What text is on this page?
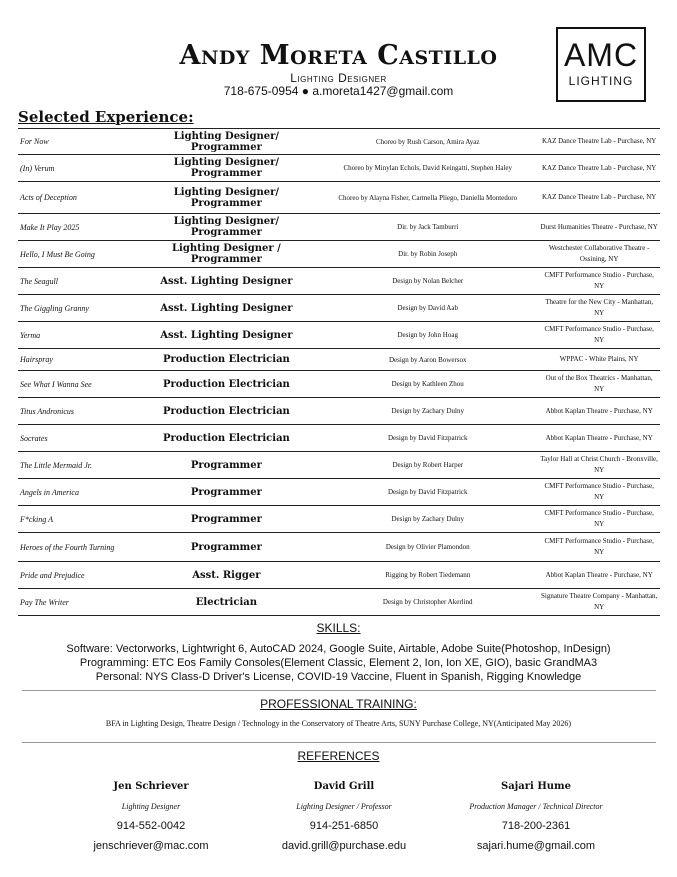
Andy Moreta Castillo
Lighting Designer
718-675-0954 ● a.moreta1427@gmail.com
AMC
LIGHTING
Selected Experience:
For Now	Lighting Designer/ Programmer	Choreo by Rush Carson, Amira Ayaz	KAZ Dance Theatre Lab - Purchase, NY
(In) Verum	Lighting Designer/ Programmer	Choreo by Minylan Echols, David Keingatti, Stephen Haley	KAZ Dance Theatre Lab - Purchase, NY
Acts of Deception	Lighting Designer/ Programmer	Choreo by Alayna Fisher, Carmella Pliego, Daniella Montedoro	KAZ Dance Theatre Lab - Purchase, NY
Make It Play 2025	Lighting Designer/ Programmer	Dir. by Jack Tamburri	Durst Humanities Theatre - Purchase, NY
Hello, I Must Be Going	Lighting Designer / Programmer	Dir. by Robin Joseph	Westchester Collaborative Theatre - Ossining, NY
The Seagull	Asst. Lighting Designer	Design by Nolan Belcher	CMFT Performance Studio - Purchase, NY
The Giggling Granny	Asst. Lighting Designer	Design by David Aab	Theatre for the New City - Manhattan, NY
Yerma	Asst. Lighting Designer	Design by John Hoag	CMFT Performance Studio - Purchase, NY
Hairspray	Production Electrician	Design by Aaron Bowersox	WPPAC - White Plains, NY
See What I Wanna See	Production Electrician	Design by Kathleen Zhou	Out of the Box Theatrics - Manhattan, NY
Titus Andronicus	Production Electrician	Design by Zachary Dulny	Abbot Kaplan Theatre - Purchase, NY
Socrates	Production Electrician	Design by David Fitzpatrick	Abbot Kaplan Theatre - Purchase, NY
The Little Mermaid Jr.	Programmer	Design by Robert Harper	Taylor Hall at Christ Church - Bronxville, NY
Angels in America	Programmer	Design by David Fitzpatrick	CMFT Performance Studio - Purchase, NY
F*cking A	Programmer	Design by Zachary Dulny	CMFT Performance Studio - Purchase, NY
Heroes of the Fourth Turning	Programmer	Design by Olivier Plamondon	CMFT Performance Studio - Purchase, NY
Pride and Prejudice	Asst. Rigger	Rigging by Robert Tiedemann	Abbot Kaplan Theatre - Purchase, NY
Pay The Writer	Electrician	Design by Christopher Akerlind	Signature Theatre Company - Manhattan, NY
SKILLS:
Software: Vectorworks, Lightwright 6, AutoCAD 2024, Google Suite, Airtable, Adobe Suite(Photoshop, InDesign)
Programming: ETC Eos Family Consoles(Element Classic, Element 2, Ion, Ion XE, GIO), basic GrandMA3
Personal: NYS Class-D Driver's License, COVID-19 Vaccine, Fluent in Spanish, Rigging Knowledge
PROFESSIONAL TRAINING:
BFA in Lighting Design, Theatre Design / Technology in the Conservatory of Theatre Arts, SUNY Purchase College, NY(Anticipated May 2026)
REFERENCES
Jen Schriever
Lighting Designer
914-552-0042
jenschriever@mac.com
David Grill
Lighting Designer / Professor
914-251-6850
david.grill@purchase.edu
Sajari Hume
Production Manager / Technical Director
718-200-2361
sajari.hume@gmail.com
